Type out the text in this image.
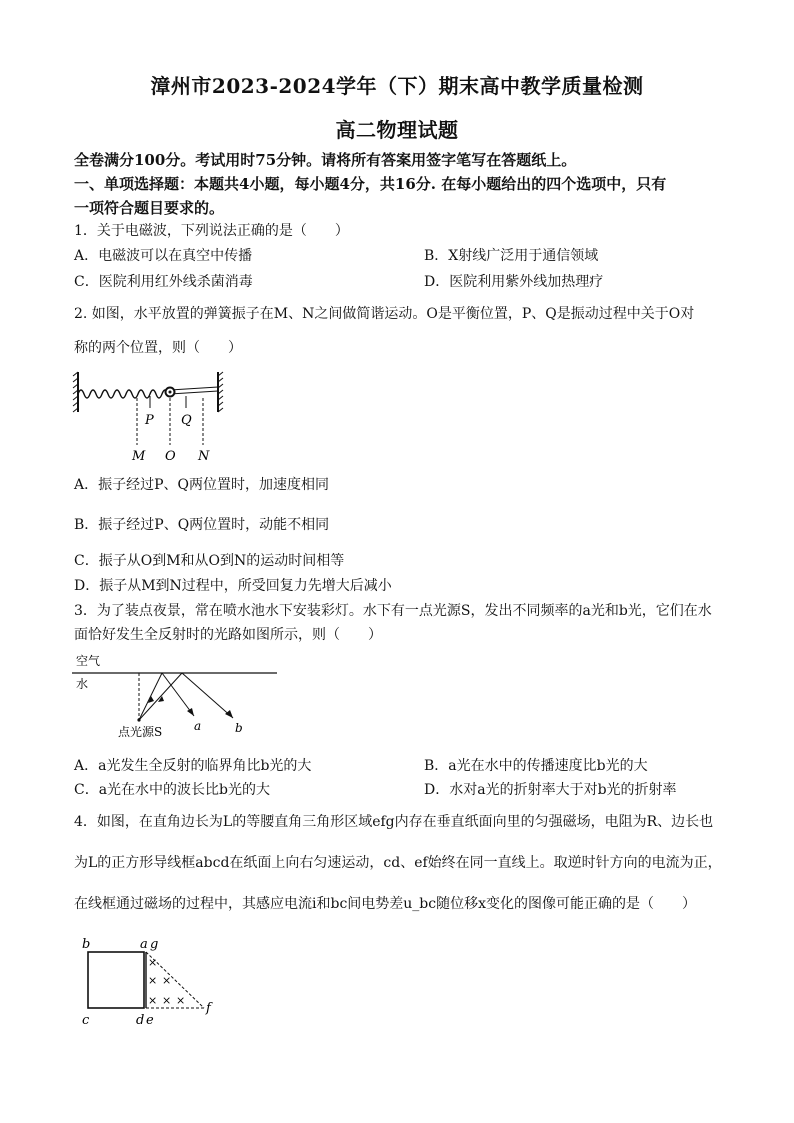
漳州市2023-2024学年（下）期末高中教学质量检测
高二物理试题
全卷满分100分。考试用时75分钟。请将所有答案用签字笔写在答题纸上。
一、单项选择题：本题共4小题，每小题4分，共16分. 在每小题给出的四个选项中，只有
一项符合题目要求的。
1．关于电磁波，下列说法正确的是（　　）
A．电磁波可以在真空中传播	B．X射线广泛用于通信领域
C．医院利用红外线杀菌消毒	D．医院利用紫外线加热理疗
2. 如图，水平放置的弹簧振子在M、N之间做简谐运动。O是平衡位置，P、Q是振动过程中关于O对
称的两个位置，则（　　）
P Q
M O N
A．振子经过P、Q两位置时，加速度相同
B．振子经过P、Q两位置时，动能不相同
C．振子从O到M和从O到N的运动时间相等
D．振子从M到N过程中，所受回复力先增大后减小
3．为了装点夜景，常在喷水池水下安装彩灯。水下有一点光源S，发出不同频率的a光和b光，它们在水
面恰好发生全反射时的光路如图所示，则（　　）
空气
水
a	b
点光源S
A．a光发生全反射的临界角比b光的大	B．a光在水中的传播速度比b光的大
C．a光在水中的波长比b光的大	D．水对a光的折射率大于对b光的折射率
4．如图，在直角边长为L的等腰直角三角形区域efg内存在垂直纸面向里的匀强磁场，电阻为R、边长也
为L的正方形导线框abcd在纸面上向右匀速运动，cd、ef始终在同一直线上。取逆时针方向的电流为正，
在线框通过磁场的过程中，其感应电流i和bc间电势差u_bc随位移x变化的图像可能正确的是（　　）
×
× ×
× × ×
b	a g
c	d e
f
